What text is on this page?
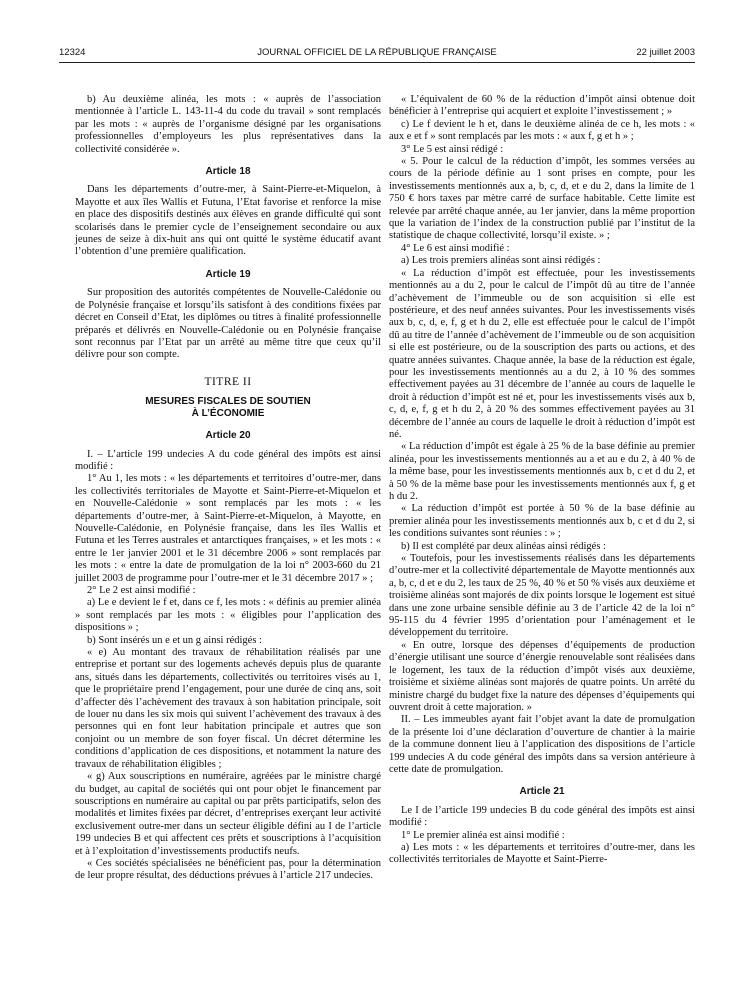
12324	JOURNAL OFFICIEL DE LA RÉPUBLIQUE FRANÇAISE	22 juillet 2003

b) Au deuxième alinéa, les mots : « auprès de l’association mentionnée à l’article L. 143-11-4 du code du travail » sont remplacés par les mots : « auprès de l’organisme désigné par les organisations professionnelles d’employeurs les plus représentatives dans la collectivité considérée ».

Article 18

Dans les départements d’outre-mer, à Saint-Pierre-et-Miquelon, à Mayotte et aux îles Wallis et Futuna, l’Etat favorise et renforce la mise en place des dispositifs destinés aux élèves en grande difficulté qui sont scolarisés dans le premier cycle de l’enseignement secondaire ou aux jeunes de seize à dix-huit ans qui ont quitté le système éducatif avant l’obtention d’une première qualification.

Article 19

Sur proposition des autorités compétentes de Nouvelle-Calédonie ou de Polynésie française et lorsqu’ils satisfont à des conditions fixées par décret en Conseil d’Etat, les diplômes ou titres à finalité professionnelle préparés et délivrés en Nouvelle-Calédonie ou en Polynésie française sont reconnus par l’Etat par un arrêté au même titre que ceux qu’il délivre pour son compte.

TITRE II
MESURES FISCALES DE SOUTIEN
À L’ÉCONOMIE
Article 20

I. – L’article 199 undecies A du code général des impôts est ainsi modifié :

1° Au 1, les mots : « les départements et territoires d’outre-mer, dans les collectivités territoriales de Mayotte et Saint-Pierre-et-Miquelon et en Nouvelle-Calédonie » sont remplacés par les mots : « les départements d’outre-mer, à Saint-Pierre-et-Miquelon, à Mayotte, en Nouvelle-Calédonie, en Polynésie française, dans les îles Wallis et Futuna et les Terres australes et antarctiques françaises, » et les mots : « entre le 1er janvier 2001 et le 31 décembre 2006 » sont remplacés par les mots : « entre la date de promulgation de la loi n° 2003-660 du 21 juillet 2003 de programme pour l’outre-mer et le 31 décembre 2017 » ;

2° Le 2 est ainsi modifié :

a) Le e devient le f et, dans ce f, les mots : « définis au premier alinéa » sont remplacés par les mots : « éligibles pour l’application des dispositions » ;

b) Sont insérés un e et un g ainsi rédigés :

« e) Au montant des travaux de réhabilitation réalisés par une entreprise et portant sur des logements achevés depuis plus de quarante ans, situés dans les départements, collectivités ou territoires visés au 1, que le propriétaire prend l’engagement, pour une durée de cinq ans, soit d’affecter dès l’achèvement des travaux à son habitation principale, soit de louer nu dans les six mois qui suivent l’achèvement des travaux à des personnes qui en font leur habitation principale et autres que son conjoint ou un membre de son foyer fiscal. Un décret détermine les conditions d’application de ces dispositions, et notamment la nature des travaux de réhabilitation éligibles ;

« g) Aux souscriptions en numéraire, agréées par le ministre chargé du budget, au capital de sociétés qui ont pour objet le financement par souscriptions en numéraire au capital ou par prêts participatifs, selon des modalités et limites fixées par décret, d’entreprises exerçant leur activité exclusivement outre-mer dans un secteur éligible défini au I de l’article 199 undecies B et qui affectent ces prêts et souscriptions à l’acquisition et à l’exploitation d’investissements productifs neufs.

« Ces sociétés spécialisées ne bénéficient pas, pour la détermination de leur propre résultat, des déductions prévues à l’article 217 undecies.

« L’équivalent de 60 % de la réduction d’impôt ainsi obtenue doit bénéficier à l’entreprise qui acquiert et exploite l’investissement ; »

c) Le f devient le h et, dans le deuxième alinéa de ce h, les mots : « aux e et f » sont remplacés par les mots : « aux f, g et h » ;

3° Le 5 est ainsi rédigé :

« 5. Pour le calcul de la réduction d’impôt, les sommes versées au cours de la période définie au 1 sont prises en compte, pour les investissements mentionnés aux a, b, c, d, et e du 2, dans la limite de 1 750 € hors taxes par mètre carré de surface habitable. Cette limite est relevée par arrêté chaque année, au 1er janvier, dans la même proportion que la variation de l’index de la construction publié par l’institut de la statistique de chaque collectivité, lorsqu’il existe. » ;

4° Le 6 est ainsi modifié :

a) Les trois premiers alinéas sont ainsi rédigés :

« La réduction d’impôt est effectuée, pour les investissements mentionnés au a du 2, pour le calcul de l’impôt dû au titre de l’année d’achèvement de l’immeuble ou de son acquisition si elle est postérieure, et des neuf années suivantes. Pour les investissements visés aux b, c, d, e, f, g et h du 2, elle est effectuée pour le calcul de l’impôt dû au titre de l’année d’achèvement de l’immeuble ou de son acquisition si elle est postérieure, ou de la souscription des parts ou actions, et des quatre années suivantes. Chaque année, la base de la réduction est égale, pour les investissements mentionnés au a du 2, à 10 % des sommes effectivement payées au 31 décembre de l’année au cours de laquelle le droit à réduction d’impôt est né et, pour les investissements visés aux b, c, d, e, f, g et h du 2, à 20 % des sommes effectivement payées au 31 décembre de l’année au cours de laquelle le droit à réduction d’impôt est né.

« La réduction d’impôt est égale à 25 % de la base définie au premier alinéa, pour les investissements mentionnés au a et au e du 2, à 40 % de la même base, pour les investissements mentionnés aux b, c et d du 2, et à 50 % de la même base pour les investissements mentionnés aux f, g et h du 2.

« La réduction d’impôt est portée à 50 % de la base définie au premier alinéa pour les investissements mentionnés aux b, c et d du 2, si les conditions suivantes sont réunies : » ;

b) Il est complété par deux alinéas ainsi rédigés :

« Toutefois, pour les investissements réalisés dans les départements d’outre-mer et la collectivité départementale de Mayotte mentionnés aux a, b, c, d et e du 2, les taux de 25 %, 40 % et 50 % visés aux deuxième et troisième alinéas sont majorés de dix points lorsque le logement est situé dans une zone urbaine sensible définie au 3 de l’article 42 de la loi n° 95-115 du 4 février 1995 d’orientation pour l’aménagement et le développement du territoire.

« En outre, lorsque des dépenses d’équipements de production d’énergie utilisant une source d’énergie renouvelable sont réalisées dans le logement, les taux de la réduction d’impôt visés aux deuxième, troisième et sixième alinéas sont majorés de quatre points. Un arrêté du ministre chargé du budget fixe la nature des dépenses d’équipements qui ouvrent droit à cette majoration. »

II. – Les immeubles ayant fait l’objet avant la date de promulgation de la présente loi d’une déclaration d’ouverture de chantier à la mairie de la commune donnent lieu à l’application des dispositions de l’article 199 undecies A du code général des impôts dans sa version antérieure à cette date de promulgation.

Article 21

Le I de l’article 199 undecies B du code général des impôts est ainsi modifié :

1° Le premier alinéa est ainsi modifié :

a) Les mots : « les départements et territoires d’outre-mer, dans les collectivités territoriales de Mayotte et Saint-Pierre-
